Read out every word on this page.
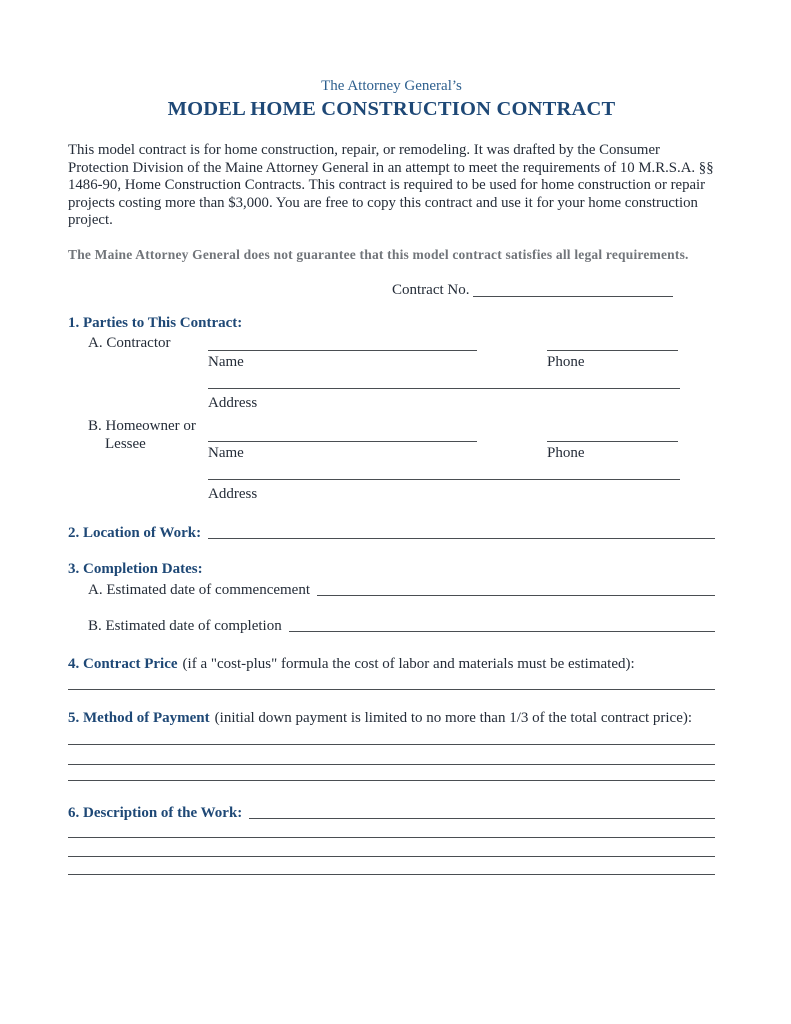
The Attorney General’s
MODEL HOME CONSTRUCTION CONTRACT

This model contract is for home construction, repair, or remodeling. It was drafted by the Consumer Protection Division of the Maine Attorney General in an attempt to meet the requirements of 10 M.R.S.A. §§ 1486-90, Home Construction Contracts. This contract is required to be used for home construction or repair projects costing more than $3,000. You are free to copy this contract and use it for your home construction project.

The Maine Attorney General does not guarantee that this model contract satisfies all legal requirements.

Contract No.
1. Parties to This Contract:
A. Contractor
Name	Phone
Address
B. Homeowner or
Lessee
Name	Phone
Address
2. Location of Work:
3. Completion Dates:
A. Estimated date of commencement
B. Estimated date of completion
4. Contract Price (if a "cost-plus" formula the cost of labor and materials must be estimated):
5. Method of Payment (initial down payment is limited to no more than 1/3 of the total contract price):
6. Description of the Work:
